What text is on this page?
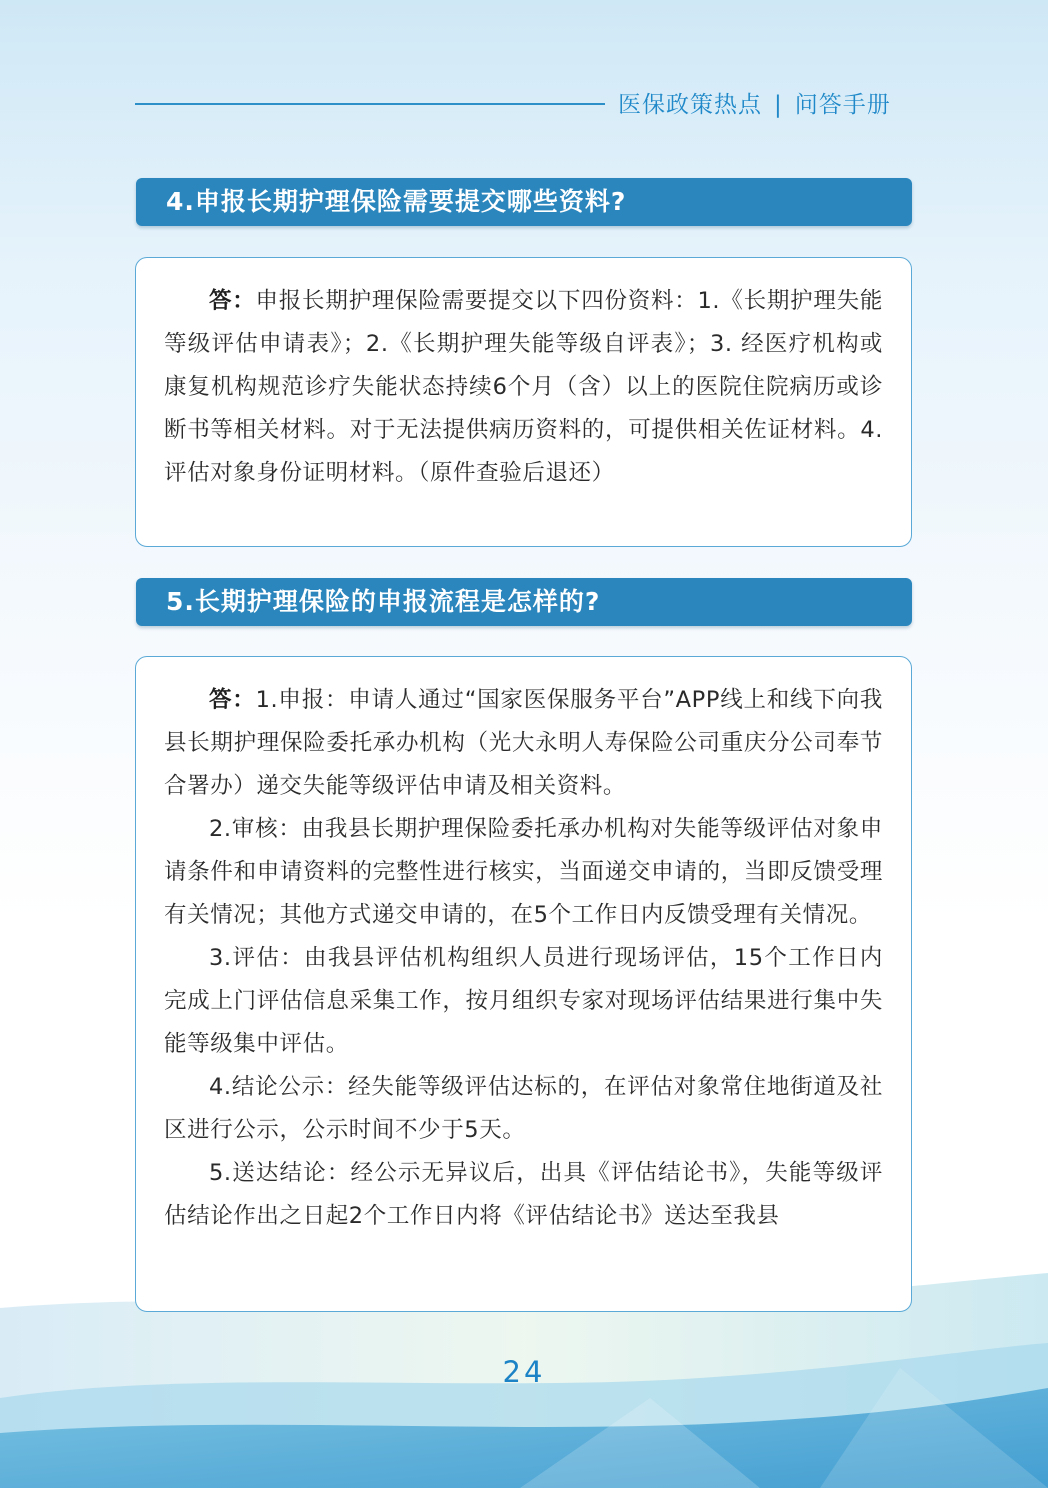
医保政策热点 | 问答手册
4.申报长期护理保险需要提交哪些资料?

答：申报长期护理保险需要提交以下四份资料：1.《长期护理失能等级评估申请表》；2.《长期护理失能等级自评表》；3. 经医疗机构或康复机构规范诊疗失能状态持续6个月（含）以上的医院住院病历或诊断书等相关材料。对于无法提供病历资料的，可提供相关佐证材料。4. 评估对象身份证明材料。（原件查验后退还）

5.长期护理保险的申报流程是怎样的?

答：1.申报：申请人通过“国家医保服务平台”APP线上和线下向我县长期护理保险委托承办机构（光大永明人寿保险公司重庆分公司奉节合署办）递交失能等级评估申请及相关资料。

2.审核：由我县长期护理保险委托承办机构对失能等级评估对象申请条件和申请资料的完整性进行核实，当面递交申请的，当即反馈受理有关情况；其他方式递交申请的，在5个工作日内反馈受理有关情况。

3.评估：由我县评估机构组织人员进行现场评估，15个工作日内完成上门评估信息采集工作，按月组织专家对现场评估结果进行集中失能等级集中评估。

4.结论公示：经失能等级评估达标的，在评估对象常住地街道及社区进行公示，公示时间不少于5天。

5.送达结论：经公示无异议后，出具《评估结论书》，失能等级评估结论作出之日起2个工作日内将《评估结论书》送达至我县

24
